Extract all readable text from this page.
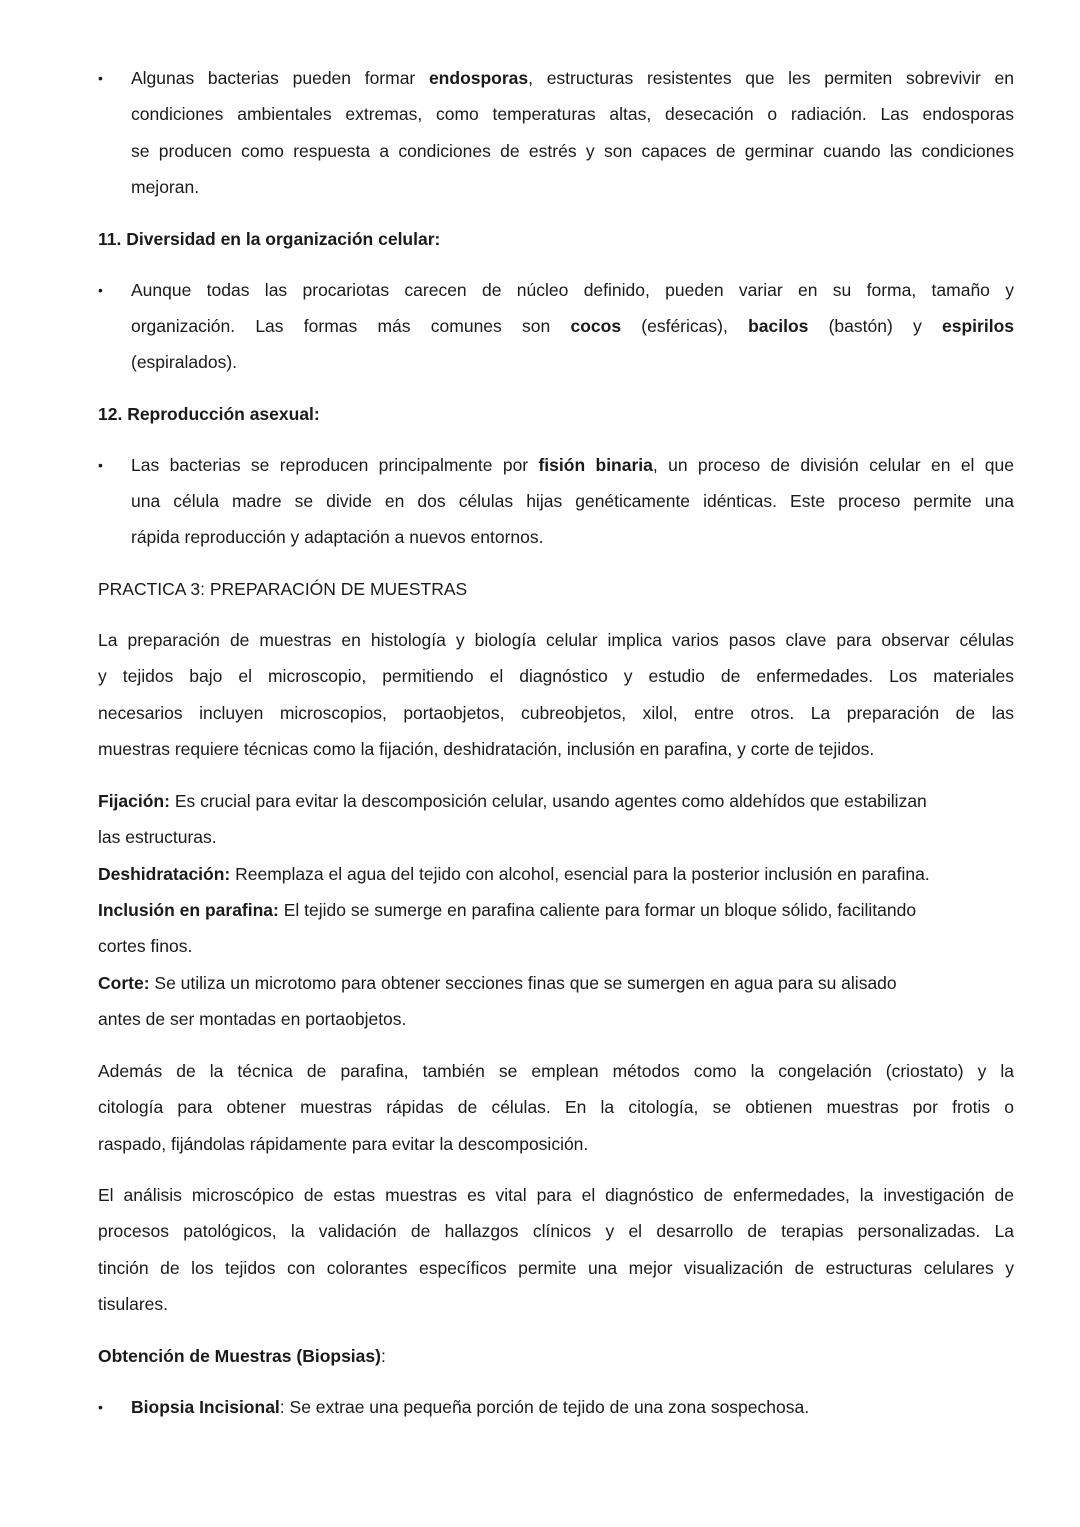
• Algunas bacterias pueden formar endosporas, estructuras resistentes que les permiten sobrevivir en
condiciones ambientales extremas, como temperaturas altas, desecación o radiación. Las endosporas
se producen como respuesta a condiciones de estrés y son capaces de germinar cuando las condiciones
mejoran.
11. Diversidad en la organización celular:
• Aunque todas las procariotas carecen de núcleo definido, pueden variar en su forma, tamaño y
organización. Las formas más comunes son cocos (esféricas), bacilos (bastón) y espirilos
(espiralados).
12. Reproducción asexual:
• Las bacterias se reproducen principalmente por fisión binaria, un proceso de división celular en el que
una célula madre se divide en dos células hijas genéticamente idénticas. Este proceso permite una
rápida reproducción y adaptación a nuevos entornos.
PRACTICA 3: PREPARACIÓN DE MUESTRAS
La preparación de muestras en histología y biología celular implica varios pasos clave para observar células
y tejidos bajo el microscopio, permitiendo el diagnóstico y estudio de enfermedades. Los materiales
necesarios incluyen microscopios, portaobjetos, cubreobjetos, xilol, entre otros. La preparación de las
muestras requiere técnicas como la fijación, deshidratación, inclusión en parafina, y corte de tejidos.
Fijación: Es crucial para evitar la descomposición celular, usando agentes como aldehídos que estabilizan
las estructuras.
Deshidratación: Reemplaza el agua del tejido con alcohol, esencial para la posterior inclusión en parafina.
Inclusión en parafina: El tejido se sumerge en parafina caliente para formar un bloque sólido, facilitando
cortes finos.
Corte: Se utiliza un microtomo para obtener secciones finas que se sumergen en agua para su alisado
antes de ser montadas en portaobjetos.
Además de la técnica de parafina, también se emplean métodos como la congelación (criostato) y la
citología para obtener muestras rápidas de células. En la citología, se obtienen muestras por frotis o
raspado, fijándolas rápidamente para evitar la descomposición.
El análisis microscópico de estas muestras es vital para el diagnóstico de enfermedades, la investigación de
procesos patológicos, la validación de hallazgos clínicos y el desarrollo de terapias personalizadas. La
tinción de los tejidos con colorantes específicos permite una mejor visualización de estructuras celulares y
tisulares.
Obtención de Muestras (Biopsias):
• Biopsia Incisional: Se extrae una pequeña porción de tejido de una zona sospechosa.
